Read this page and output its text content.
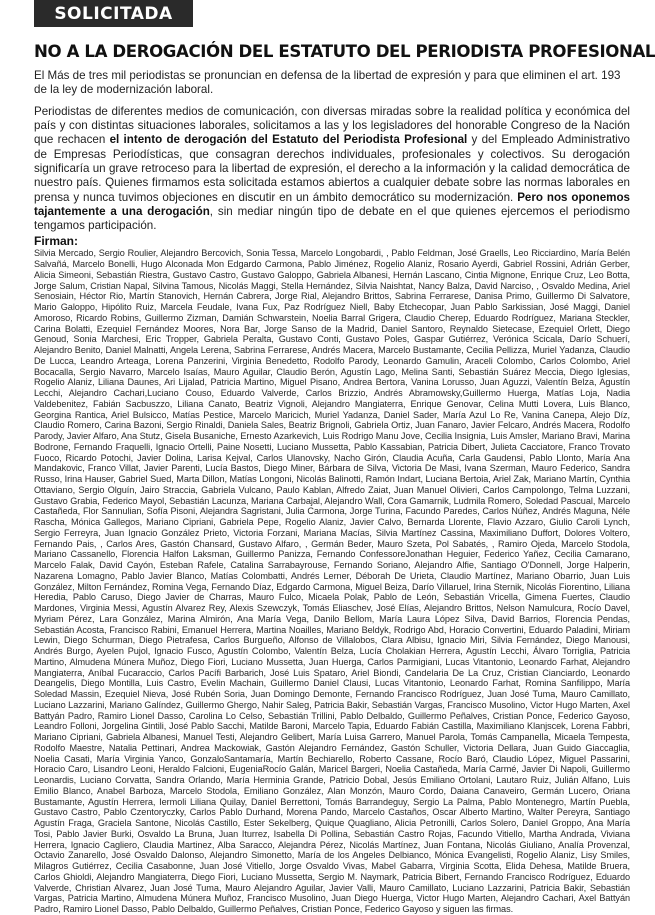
SOLICITADA
NO A LA DEROGACIÓN DEL ESTATUTO DEL PERIODISTA PROFESIONAL

El Más de tres mil periodistas se pronuncian en defensa de la libertad de expresión y para que eliminen el art. 193 de la ley de modernización laboral.

Periodistas de diferentes medios de comunicación, con diversas miradas sobre la realidad política y económica del país y con distintas situaciones laborales, solicitamos a las y los legisladores del honorable Congreso de la Nación que rechacen el intento de derogación del Estatuto del Periodista Profesional y del Empleado Administrativo de Empresas Periodísticas, que consagran derechos individuales, profesionales y colectivos. Su derogación significaría un grave retroceso para la libertad de expresión, el derecho a la información y la calidad democrática de nuestro país. Quienes firmamos esta solicitada estamos abiertos a cualquier debate sobre las normas laborales en prensa y nunca tuvimos objeciones en discutir en un ámbito democrático su modernización. Pero nos oponemos tajantemente a una derogación, sin mediar ningún tipo de debate en el que quienes ejercemos el periodismo tengamos participación.

Firman:

Silvia Mercado, Sergio Roulier, Alejandro Bercovich, Sonia Tessa, Marcelo Longobardi, , Pablo Feldman, José Graells, Leo Ricciardino, María Belén Salvañá, Marcelo Bonelli, Hugo Alconada Mon Edgardo Carmona, Pablo Jiménez, Rogelio Alaniz, Rosario Ayerdi, Gabriel Rossini, Adrián Gerber, Alicia Simeoni, Sebastián Riestra, Gustavo Castro, Gustavo Galoppo, Gabriela Albanesi, Hernán Lascano, Cintia Mignone, Enrique Cruz, Leo Botta, Jorge Salum, Cristian Napal, Silvina Tamous, Nicolás Maggi, Stella Hernández, Silvia Naishtat, Nancy Balza, David Narciso, , Osvaldo Medina, Ariel Senosiain, Héctor Rio, Martín Stanovich, Hernán Cabrera, Jorge Rial, Alejandro Brittos, Sabrina Ferrarese, Danisa Primo, Guillermo Di Salvatore, Mario Galoppo, Hipólito Ruiz, Marcela Feudale, Ivana Fux, Paz Rodríguez Niell, Baby Etchecopar, Juan Pablo Sarkissian, José Maggi, Daniel Amoroso, Ricardo Robins, Guillermo Zizman, Damián Schwarstein, Noelia Barral Grigera, Claudio Cherep, Eduardo Rodríguez, Mariana Steckler, Carina Bolatti, Ezequiel Fernández Moores, Nora Bar, Jorge Sanso de la Madrid, Daniel Santoro, Reynaldo Sietecase, Ezequiel Orlett, Diego Genoud, Sonia Marchesi, Eric Tropper, Gabriela Peralta, Gustavo Conti, Gustavo Poles, Gaspar Gutiérrez, Verónica Scicala, Darío Schuerí, Alejandro Benito, Daniel Malnatti, Angela Lerena, Sabrina Ferrarese, Andrés Macera, Marcelo Bustamante, Cecilia Pellizza, Muriel Yadanza, Claudio De Lucca, Leandro Arteaga, Lorena Panzerini, Virginia Benedetto, Rodolfo Parody, Leonardo Gamulin, Araceli Colombo, Carlos Colombo, Ariel Bocacalla, Sergio Navarro, Marcelo Isaías, Mauro Aguilar, Claudio Berón, Agustín Lago, Melina Santi, Sebastián Suárez Meccia, Diego Iglesias, Rogelio Alaniz, Liliana Daunes, Ari Lijalad, Patricia Martino, Miguel Pisano, Andrea Bertora, Vanina Lorusso, Juan Aguzzi, Valentín Belza, Agustín Lecchi, Alejandro Cachari,Luciano Couso, Eduardo Valverde, Carlos Brizzio, Andrés Abramowsky,Guillermo Huerga, Matías Loja, Nadia Valdebenitez, Fabián Sacbuszzo, Liliana Canato, Beatriz Vignoli, Alejandro Mangiaterra, Enrique Genovar, Celina Mutti Lovera, Luis Blanco, Georgina Rantica, Ariel Bulsicco, Matías Pestice, Marcelo Maricich, Muriel Yadanza, Daniel Sader, María Azul Lo Re, Vanina Canepa, Alejo Díz, Claudio Romero, Carina Bazoni, Sergio Rinaldi, Daniela Sales, Beatriz Brignoli, Gabriela Ortiz, Juan Fanaro, Javier Felcaro, Andrés Macera, Rodolfo Parody, Javier Alfaro, Ana Stutz, Gisela Busaniche, Ernesto Azarkevich, Luis Rodrigo Manu Jove, Cecilia Insignia, Luis Amsler, Mariano Bravi, Marina Bodrone, Fernando Fraquelli, Ignacio Ortelli, Paine Nosetti, Luciano Mussetta, Pablo Kassabian, Patricia Dibert, Julieta Cacciatore, Franco Trovato Fuoco, Ricardo Potochi, Javier Dolina, Larisa Kejval, Carlos Ulanovsky, Nacho Girón, Claudia Acuña, Carla Gaudensi, Pablo Llonto, María Ana Mandakovic, Franco Villat, Javier Parenti, Lucía Bastos, Diego Miner, Bárbara de Silva, Victoria De Masi, Ivana Szerman, Mauro Federico, Sandra Russo, Irina Hauser, Gabriel Sued, Marta Dillon, Matías Longoni, Nicolás Balinotti, Ramón Indart, Luciana Bertoia, Ariel Zak, Mariano Martín, Cynthia Ottaviano, Sergio Olguín, Jairo Straccia, Gabriela Vulcano, Paulo Kablan, Alfredo Zaiat, Juan Manuel Olivieri, Carlos Campolongo, Telma Luzzani, Gustavo Grabia, Federico Mayol, Sebastián Lacunza, Mariana Carbajal, Alejandro Wall, Cora Gamarnik, Ludmila Romero, Soledad Pascual, Marcelo Castañeda, Flor Sannulian, Sofía Pisoni, Alejandra Sagristani, Julia Carmona, Jorge Turina, Facundo Paredes, Carlos Núñez, Andrés Maguna, Néle Rascha, Mónica Gallegos, Mariano Cipriani, Gabriela Pepe, Rogelio Alaniz, Javier Calvo, Bernarda Llorente, Flavio Azzaro, Giulio Caroli Lynch, Sergio Ferreyra, Juan Ignacio González Prieto, Victoria Forzani, Mariana Macías, Silvia Martínez Cassina, Maximiliano Duffort, Dolores Voltero, Fernando Pais, , Carlos Ares, Gastón Chansard, Gustavo Alfaro, , Germán Beder, Mauro Szeta, Pol Sabatés, , Ramiro Ojeda, Marcelo Stodola, Mariano Cassanello, Florencia Halfon Laksman, Guillermo Panizza, Fernando ConfessoreJonathan Heguier, Federico Yañez, Cecilia Camarano, Marcelo Falak, David Cayón, Esteban Rafele, Catalina Sarrabayrouse, Fernando Soriano, Alejandro Alfie, Santiago O'Donnell, Jorge Halperin, Nazarena Lomagno, Pablo Javier Blanco, Matías Colombatti, Andrés Lerner, Déborah De Urieta, Claudio Martínez, Mariano Obarrio, Juan Luis González, Milton Fernández, Romina Vega, Fernando Díaz, Edgardo Carmona, Miguel Beiza, Darío Villaruel, Irina Sternik, Nicolás Fiorentino, Liliana Heredia, Pablo Caruso, Diego Javier de Charras, Mauro Fulco, Micaela Polak, Pablo de León, Sebastián Vricella, Gimena Fuertes, Claudio Mardones, Virginia Messi, Agustín Alvarez Rey, Alexis Szewczyk, Tomás Eliaschev, José Elías, Alejandro Brittos, Nelson Namulcura, Rocío Davel, Myriam Pérez, Lara González, Marina Almirón, Ana María Vega, Danilo Bellom, María Laura López Silva, David Barrios, Florencia Pendas, Sebastián Acosta, Francisco Rabini, Emanuel Herrera, Martina Noailles, Mariano Beldyk, Rodrigo Abd, Horacio Convertini, Eduardo Paladini, Miriam Lewin, Diego Schurman, Diego Pietrafesa, Carlos Burgueño, Alfonso de Villalobos, Clara Albisu, Ignacio Miri, Silvia Fernández, Diego Manousi, Andrés Burgo, Ayelen Pujol, Ignacio Fusco, Agustín Colombo, Valentín Belza, Lucía Cholakian Herrera, Agustín Lecchi, Álvaro Torriglia, Patricia Martino, Almudena Múnera Muñoz, Diego Fiori, Luciano Mussetta, Juan Huerga, Carlos Parmigiani, Lucas Vitantonio, Leonardo Farhat, Alejandro Mangiaterra, Aníbal Fucaraccio, Carlos Pacífi Barbarich, José Luis Spataro, Ariel Biondi, Candelaria De La Cruz, Cristian Cianciardo, Leonardo Deangelis, Diego Montilla, Luis Castro, Evelin Machain, Guillermo Daniel Clausi, Lucas Vitantonio, Leonardo Farhat, Romina Sanfilippo, María Soledad Massin, Ezequiel Nieva, José Rubén Soria, Juan Domingo Demonte, Fernando Francisco Rodríguez, Juan José Tuma, Mauro Camillato, Luciano Lazzarini, Mariano Galíndez, Guillermo Ghergo, Nahir Saleg, Patricia Bakir, Sebastián Vargas, Francisco Musolino, Victor Hugo Marten, Axel Battyán Padro, Ramiro Lionel Dasso, Carolina Lo Celso, Sebastián Trillini, Pablo Delbaldo, Guillermo Peñalves, Cristian Ponce, Federico Gayoso, Leandro Folloni, Jorgelina Gintili, José Pablo Sacchi, Matilde Baroni, Marcelo Tapia, Eduardo Fabián Castilla, Maximiliano Klanjscek, Lorena Fabbri, Mariano Cipriani, Gabriela Albanesi, Manuel Testi, Alejandro Gelibert, María Luisa Garrero, Manuel Parola, Tomás Campanella, Micaela Tempesta, Rodolfo Maestre, Natalia Pettinari, Andrea Mackowiak, Gastón Alejandro Fernández, Gastón Schuller, Victoria Dellara, Juan Guido Giaccaglia, Noelia Casati, María Virginia Yanco, GonzaloSantamaría, Martín Bechiarello, Roberto Cassane, Rocío Baró, Claudio López, Miguel Passarini, Horacio Caro, Lisandro Leoni, Heraldo Falcioni, EugeniaRocío Galán, Maricel Bargeri, Noelia Castañeda, María Carmé, Javier Di Napoli, Guillermo Leonardis, Luciano Corvatta, Sandra Orlando, María Herminia Grande, Patricio Dobal, Jesús Emiliano Ortolani, Lautaro Ruiz, Julián Alfano, Luis Emilio Blanco, Anabel Barboza, Marcelo Stodola, Emiliano González, Alan Monzón, Mauro Cordo, Daiana Canaveiro, Germán Lucero, Oriana Bustamante, Agustín Herrera, Iermoli Liliana Quilay, Daniel Berrettoni, Tomás Barrandeguy, Sergio La Palma, Pablo Montenegro, Martín Puebla, Gustavo Castro, Pablo Czentoryczky, Carlos Pablo Durhand, Morena Pando, Marcelo Castaños, Oscar Alberto Martino, Walter Pereyra, Santiago Agustín Fraga, Graciela Santone, Nicolás Castillo, Ester Sekelberg, Quique Quagliano, Alicia Petronilli, Carlos Solero, Daniel Groppo, Ana María Tosi, Pablo Javier Burki, Osvaldo La Bruna, Juan Iturrez, Isabella Di Pollina, Sebastián Castro Rojas, Facundo Vitiello, Martha Andrada, Viviana Herrera, Ignacio Cagliero, Claudia Martinez, Alba Saracco, Alejandra Pérez, Nicolás Martínez, Juan Fontana, Nicolás Giuliano, Analía Provenzal, Octavio Zanarello, José Osvaldo Dalonso, Alejandro Simonetto, María de los Angeles Delbianco, Mónica Evangelisti, Rogelio Alaniz, Lisy Smiles, Milagros Gutiérrez, Cecilia Casabonne, Juan José Vitiello, Jorge Osvaldo Vivas, Mabel Gabarra, Virginia Scotta, Elida Dehesa, Matilde Bruera, Carlos Ghioldi, Alejandro Mangiaterra, Diego Fiori, Luciano Mussetta, Sergio M. Naymark, Patricia Bibert, Fernando Francisco Rodríguez, Eduardo Valverde, Christian Alvarez, Juan José Tuma, Mauro Alejandro Aguilar, Javier Valli, Mauro Camillato, Luciano Lazzarini, Patricia Bakir, Sebastián Vargas, Patricia Martino, Almudena Múnera Muñoz, Francisco Musolino, Juan Diego Huerga, Victor Hugo Marten, Alejandro Cachari, Axel Battyán Padro, Ramiro Lionel Dasso, Pablo Delbaldo, Guillermo Peñalves, Cristian Ponce, Federico Gayoso y siguen las firmas.
